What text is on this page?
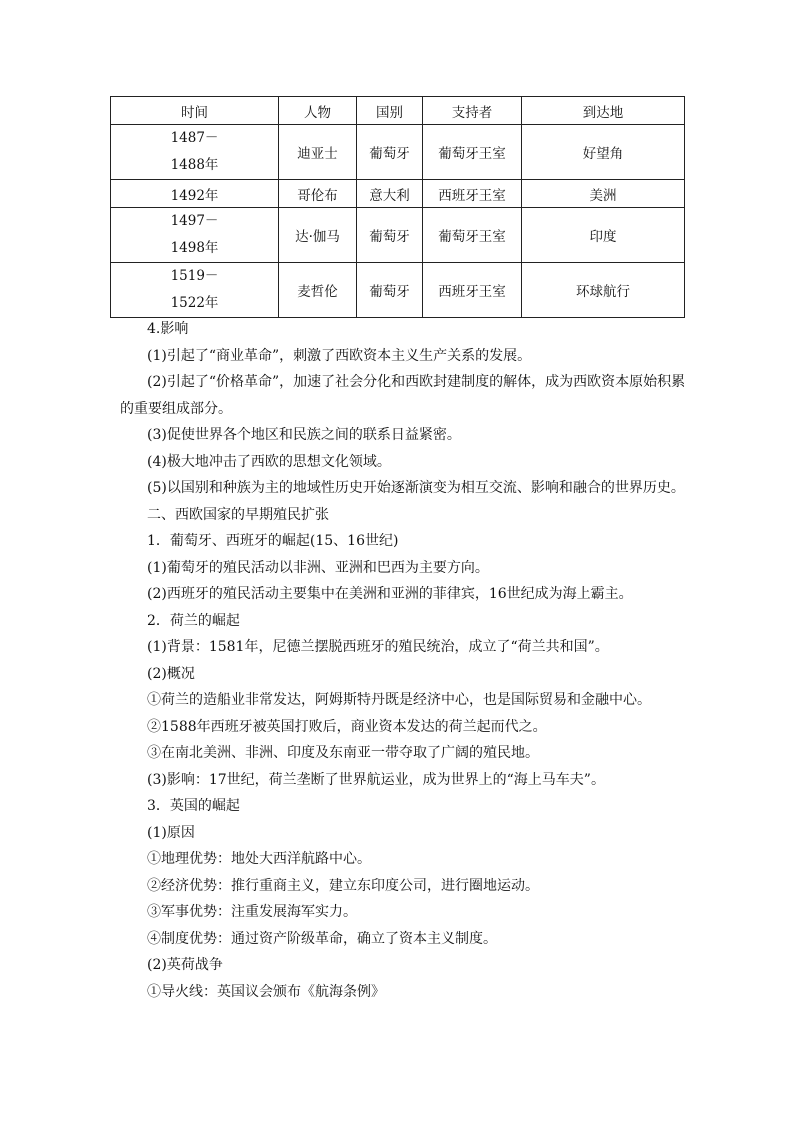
时间	人物	国别	支持者	到达地

1487－
1488年	迪亚士	葡萄牙	葡萄牙王室	好望角
1492年	哥伦布	意大利	西班牙王室	美洲

1497－
1498年	达·伽马	葡萄牙	葡萄牙王室	印度

1519－
1522年	麦哲伦	葡萄牙	西班牙王室	环球航行

4.影响

(1)引起了“商业革命”，刺激了西欧资本主义生产关系的发展。

(2)引起了“价格革命”，加速了社会分化和西欧封建制度的解体，成为西欧资本原始积累的重要组成部分。

(3)促使世界各个地区和民族之间的联系日益紧密。

(4)极大地冲击了西欧的思想文化领域。

(5)以国别和种族为主的地域性历史开始逐渐演变为相互交流、影响和融合的世界历史。

二、西欧国家的早期殖民扩张

1．葡萄牙、西班牙的崛起(15、16世纪)

(1)葡萄牙的殖民活动以非洲、亚洲和巴西为主要方向。

(2)西班牙的殖民活动主要集中在美洲和亚洲的菲律宾，16世纪成为海上霸主。

2．荷兰的崛起

(1)背景：1581年，尼德兰摆脱西班牙的殖民统治，成立了“荷兰共和国”。

(2)概况

①荷兰的造船业非常发达，阿姆斯特丹既是经济中心，也是国际贸易和金融中心。

②1588年西班牙被英国打败后，商业资本发达的荷兰起而代之。

③在南北美洲、非洲、印度及东南亚一带夺取了广阔的殖民地。

(3)影响：17世纪，荷兰垄断了世界航运业，成为世界上的“海上马车夫”。

3．英国的崛起

(1)原因

①地理优势：地处大西洋航路中心。

②经济优势：推行重商主义，建立东印度公司，进行圈地运动。

③军事优势：注重发展海军实力。

④制度优势：通过资产阶级革命，确立了资本主义制度。

(2)英荷战争

①导火线：英国议会颁布《航海条例》
